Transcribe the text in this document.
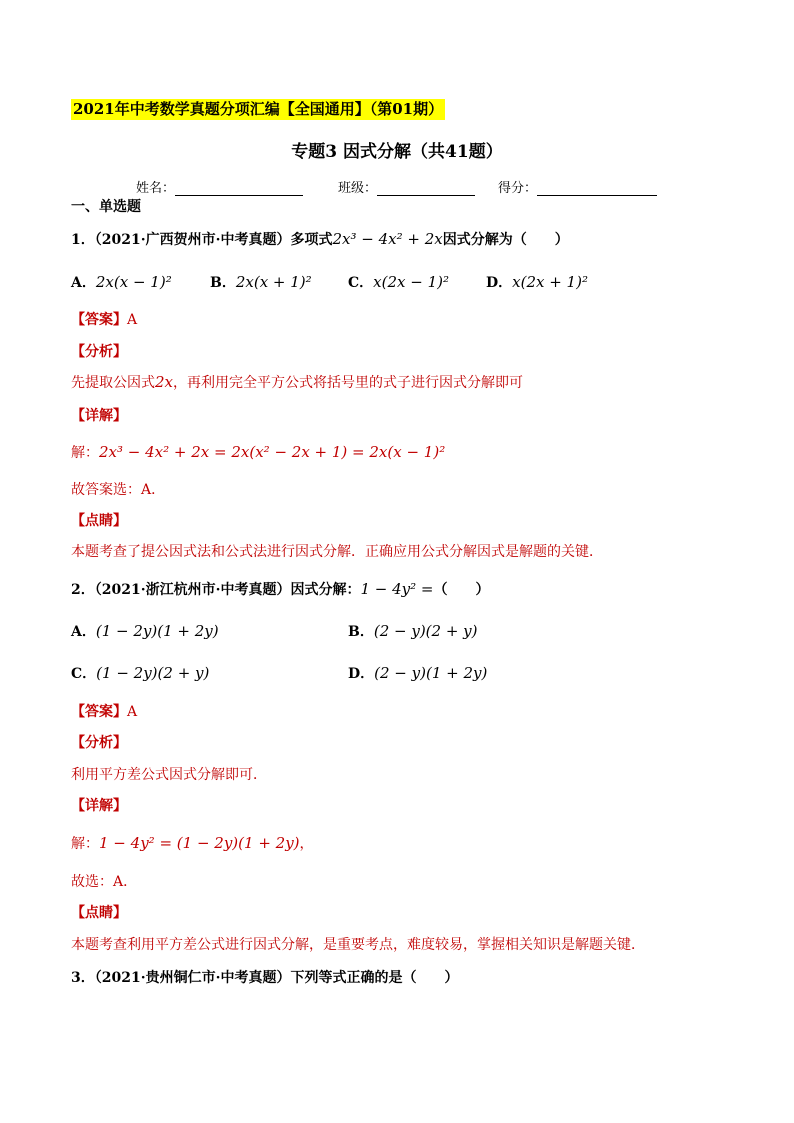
2021年中考数学真题分项汇编【全国通用】（第01期）
专题3 因式分解（共41题）
姓名：	班级：	得分：
一、单选题
1．（2021·广西贺州市·中考真题）多项式2x³ − 4x² + 2x因式分解为（　　）
A．2x(x − 1)²	B．2x(x + 1)²	C．x(2x − 1)²	D．x(2x + 1)²
【答案】A
【分析】
先提取公因式2x，再利用完全平方公式将括号里的式子进行因式分解即可
【详解】
解：2x³ − 4x² + 2x = 2x(x² − 2x + 1) = 2x(x − 1)²
故答案选：A．
【点睛】
本题考查了提公因式法和公式法进行因式分解．正确应用公式分解因式是解题的关键．
2．（2021·浙江杭州市·中考真题）因式分解：1 − 4y² =（　　）
A．(1 − 2y)(1 + 2y)	B．(2 − y)(2 + y)
C．(1 − 2y)(2 + y)	D．(2 − y)(1 + 2y)
【答案】A
【分析】
利用平方差公式因式分解即可．
【详解】
解：1 − 4y² = (1 − 2y)(1 + 2y)，
故选：A．
【点睛】
本题考查利用平方差公式进行因式分解，是重要考点，难度较易，掌握相关知识是解题关键．
3．（2021·贵州铜仁市·中考真题）下列等式正确的是（　　）
